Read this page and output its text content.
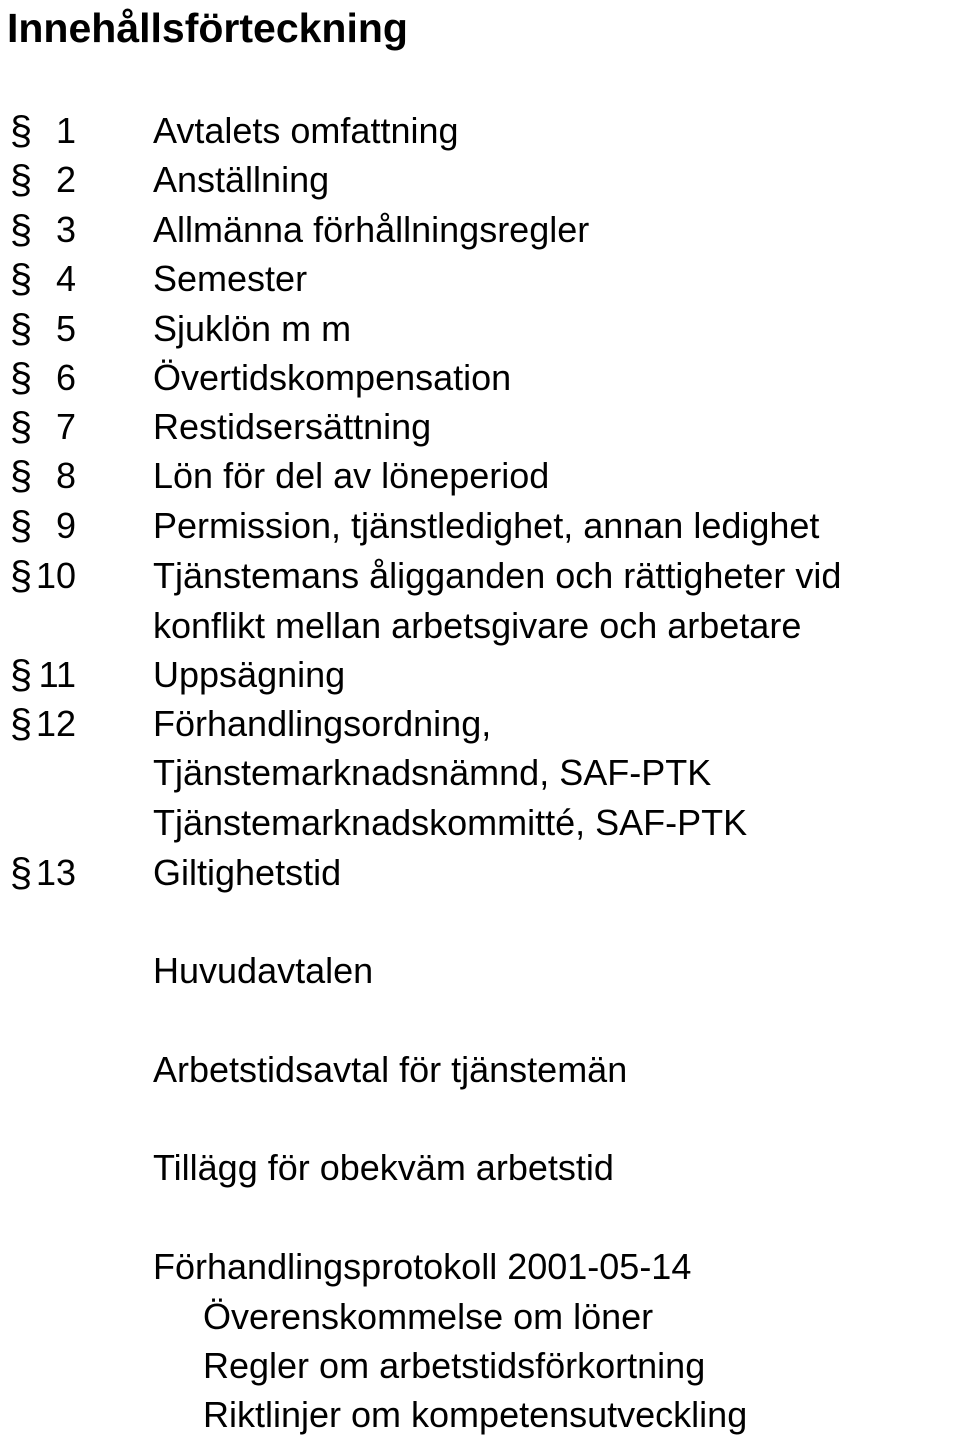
Innehållsförteckning
§ 1 Avtalets omfattning
§ 2 Anställning
§ 3 Allmänna förhållningsregler
§ 4 Semester
§ 5 Sjuklön m m
§ 6 Övertidskompensation
§ 7 Restidsersättning
§ 8 Lön för del av löneperiod
§ 9 Permission, tjänstledighet, annan ledighet
§ 10 Tjänstemans åligganden och rättigheter vid
konflikt mellan arbetsgivare och arbetare
§ 11 Uppsägning
§ 12 Förhandlingsordning,
Tjänstemarknadsnämnd, SAF-PTK
Tjänstemarknadskommitté, SAF-PTK
§ 13 Giltighetstid
Huvudavtalen
Arbetstidsavtal för tjänstemän
Tillägg för obekväm arbetstid
Förhandlingsprotokoll 2001-05-14
Överenskommelse om löner
Regler om arbetstidsförkortning
Riktlinjer om kompetensutveckling
